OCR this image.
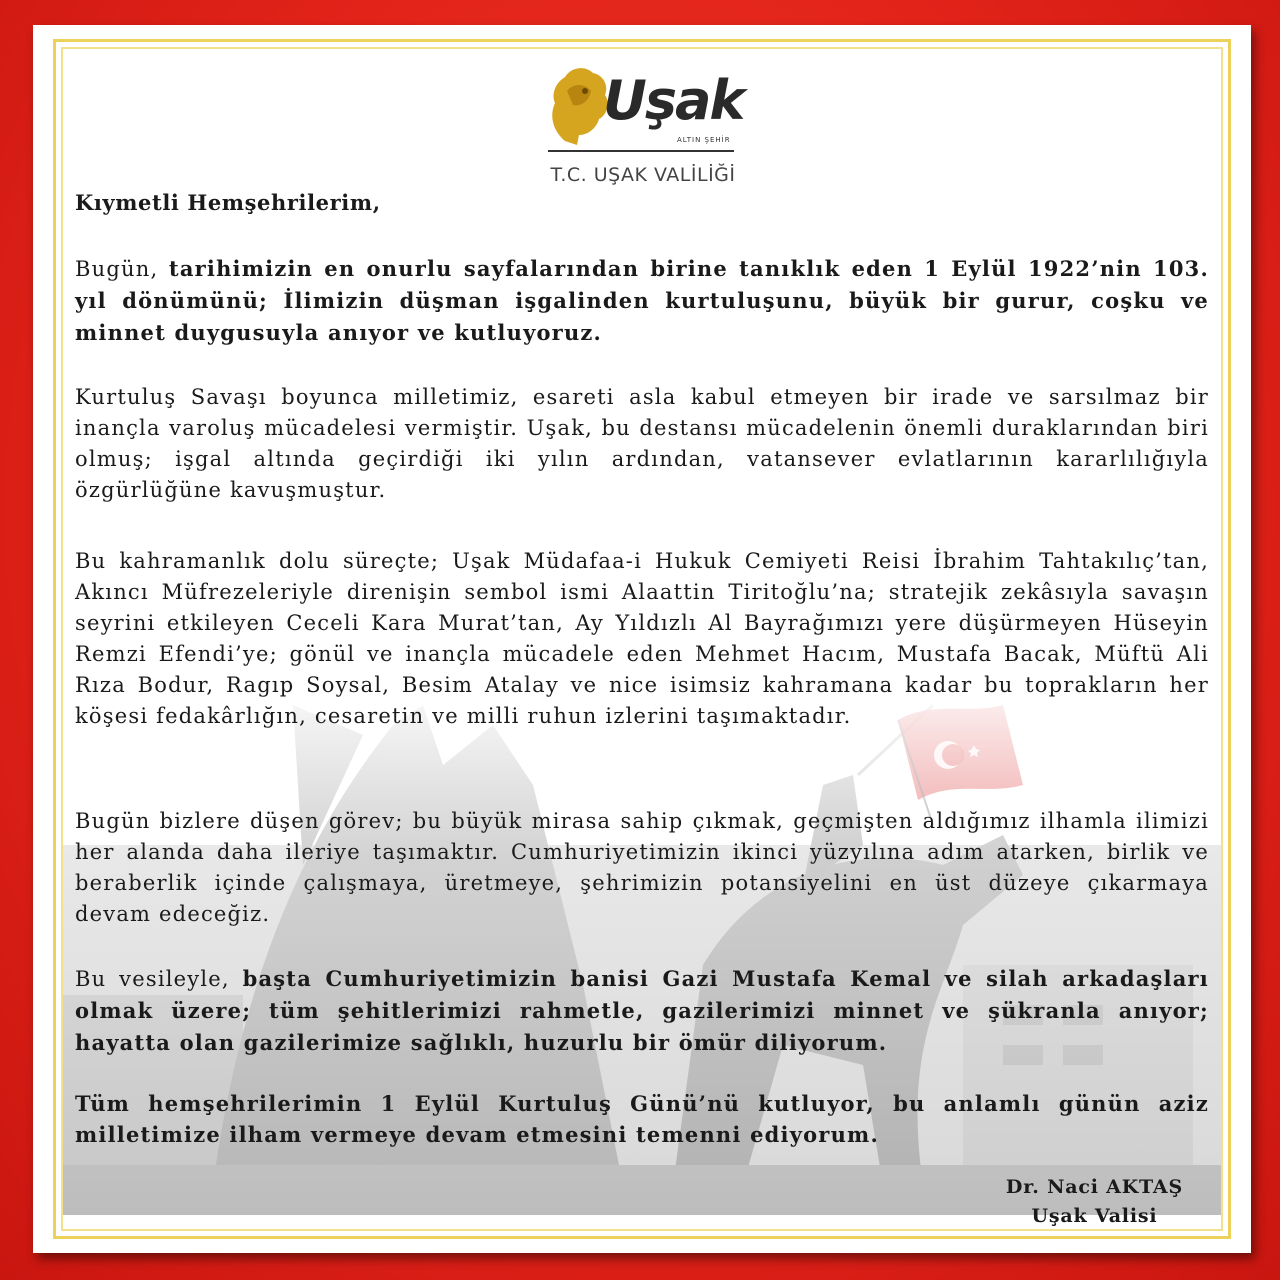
Uşak
ALTIN ŞEHİR
T.C. UŞAK VALİLİĞİ
Kıymetli Hemşehrilerim,
Bugün, tarihimizin en onurlu sayfalarından birine tanıklık eden 1 Eylül 1922’nin 103. yıl dönümünü; İlimizin düşman işgalinden kurtuluşunu, büyük bir gurur, coşku ve minnet duygusuyla anıyor ve kutluyoruz.
Kurtuluş Savaşı boyunca milletimiz, esareti asla kabul etmeyen bir irade ve sarsılmaz bir inançla varoluş mücadelesi vermiştir. Uşak, bu destansı mücadelenin önemli duraklarından biri olmuş; işgal altında geçirdiği iki yılın ardından, vatansever evlatlarının kararlılığıyla özgürlüğüne kavuşmuştur.
Bu kahramanlık dolu süreçte; Uşak Müdafaa-i Hukuk Cemiyeti Reisi İbrahim Tahtakılıç’tan, Akıncı Müfrezeleriyle direnişin sembol ismi Alaattin Tiritoğlu’na; stratejik zekâsıyla savaşın seyrini etkileyen Ceceli Kara Murat’tan, Ay Yıldızlı Al Bayrağımızı yere düşürmeyen Hüseyin Remzi Efendi’ye; gönül ve inançla mücadele eden Mehmet Hacım, Mustafa Bacak, Müftü Ali Rıza Bodur, Ragıp Soysal, Besim Atalay ve nice isimsiz kahramana kadar bu toprakların her köşesi fedakârlığın, cesaretin ve milli ruhun izlerini taşımaktadır.
Bugün bizlere düşen görev; bu büyük mirasa sahip çıkmak, geçmişten aldığımız ilhamla ilimizi her alanda daha ileriye taşımaktır. Cumhuriyetimizin ikinci yüzyılına adım atarken, birlik ve beraberlik içinde çalışmaya, üretmeye, şehrimizin potansiyelini en üst düzeye çıkarmaya devam edeceğiz.
Bu vesileyle, başta Cumhuriyetimizin banisi Gazi Mustafa Kemal ve silah arkadaşları olmak üzere; tüm şehitlerimizi rahmetle, gazilerimizi minnet ve şükranla anıyor; hayatta olan gazilerimize sağlıklı, huzurlu bir ömür diliyorum.
Tüm hemşehrilerimin 1 Eylül Kurtuluş Günü’nü kutluyor, bu anlamlı günün aziz milletimize ilham vermeye devam etmesini temenni ediyorum.
Dr. Naci AKTAŞ
Uşak Valisi
